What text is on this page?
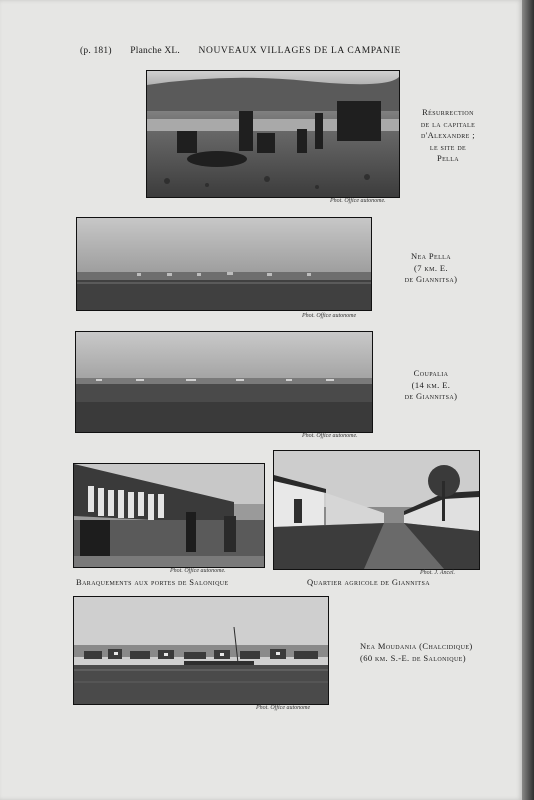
(p. 181) Planche XL. NOUVEAUX VILLAGES DE LA CAMPANIE
Phot. Office autonome.
Résurrection
de la capitale
d'Alexandre ;
le site de
Pella
Phot. Office autonome
Nea Pella
(7 km. E.
de Giannitsa)
Phot. Office autonome.
Coupalia
(14 km. E.
de Giannitsa)
Phot. Office autonome.
Baraquements aux portes de Salonique
Phot. J. Ancel.
Quartier agricole de Giannitsa
Phot. Office autonome
Nea Moudania (Chalcidique)
(60 km. S.-E. de Salonique)
